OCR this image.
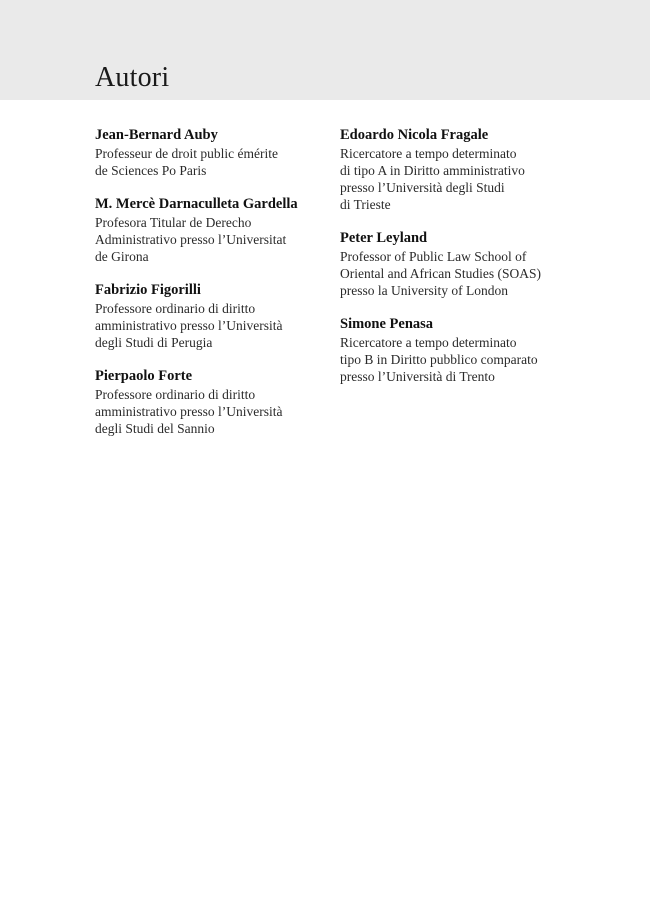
Autori

Jean-Bernard Auby

Professeur de droit public émérite
de Sciences Po Paris

M. Mercè Darnaculleta Gardella

Profesora Titular de Derecho
Administrativo presso l’Universitat
de Girona

Fabrizio Figorilli

Professore ordinario di diritto
amministrativo presso l’Università
degli Studi di Perugia

Pierpaolo Forte

Professore ordinario di diritto
amministrativo presso l’Università
degli Studi del Sannio

Edoardo Nicola Fragale

Ricercatore a tempo determinato
di tipo A in Diritto amministrativo
presso l’Università degli Studi
di Trieste

Peter Leyland

Professor of Public Law School of
Oriental and African Studies (SOAS)
presso la University of London

Simone Penasa

Ricercatore a tempo determinato
tipo B in Diritto pubblico comparato
presso l’Università di Trento
